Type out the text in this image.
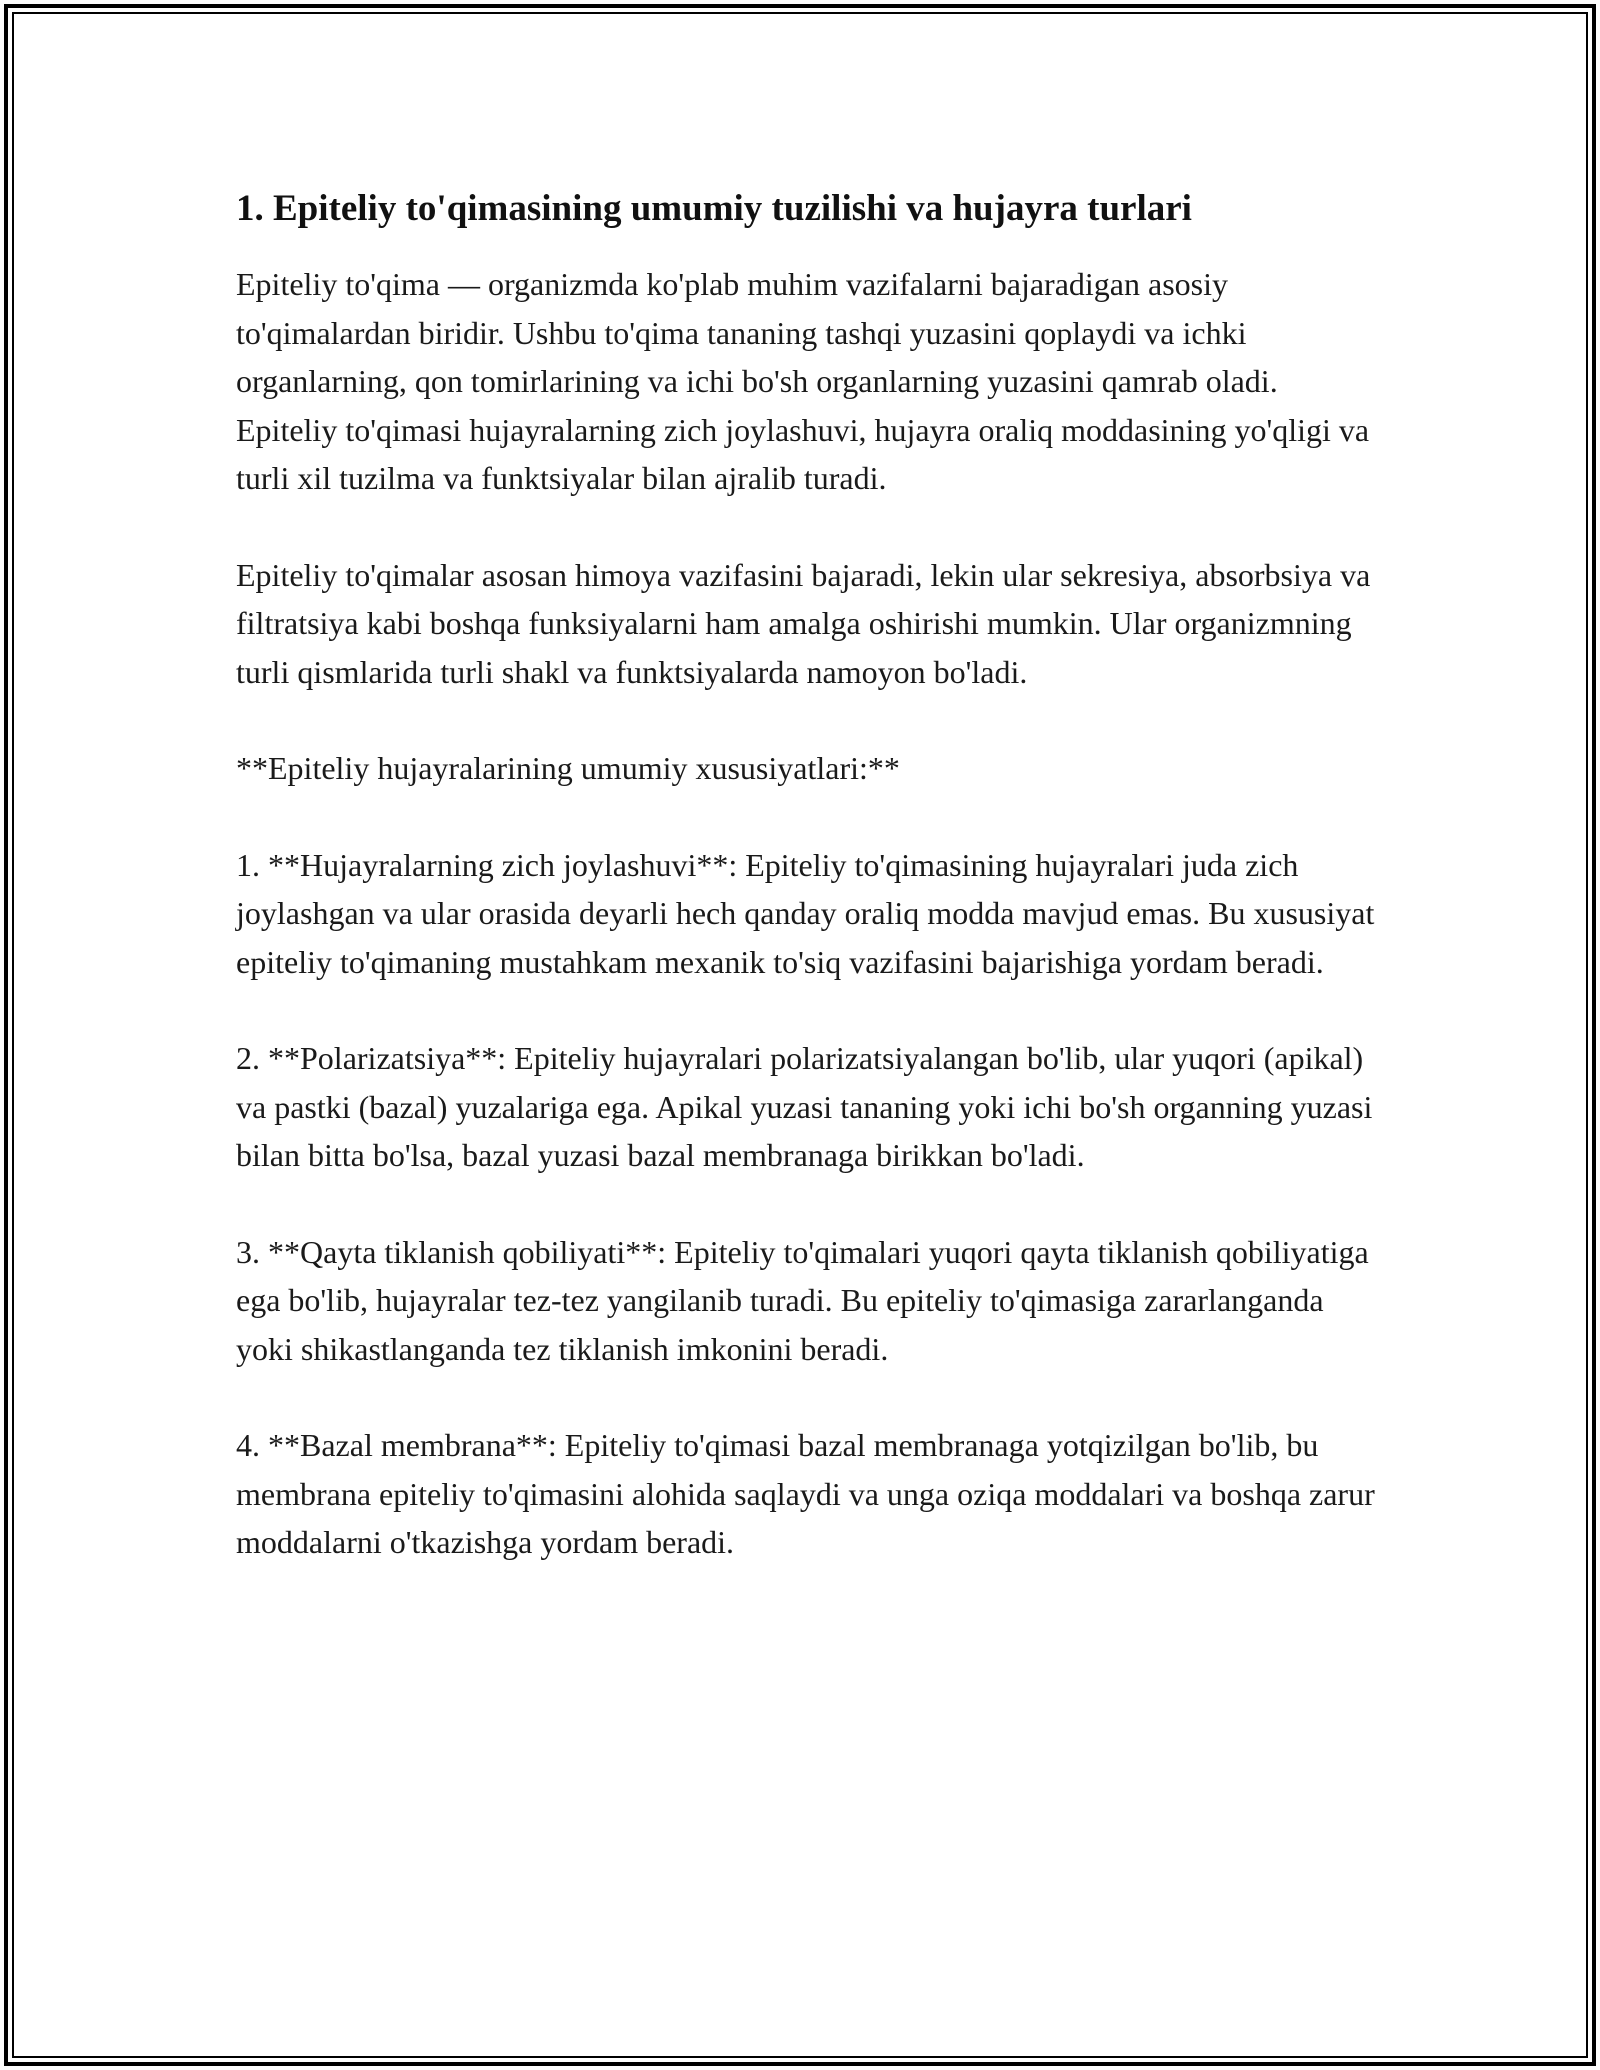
1. Epiteliy to'qimasining umumiy tuzilishi va hujayra turlari

Epiteliy to'qima — organizmda ko'plab muhim vazifalarni bajaradigan asosiy to'qimalardan biridir. Ushbu to'qima tananing tashqi yuzasini qoplaydi va ichki organlarning, qon tomirlarining va ichi bo'sh organlarning yuzasini qamrab oladi. Epiteliy to'qimasi hujayralarning zich joylashuvi, hujayra oraliq moddasining yo'qligi va turli xil tuzilma va funktsiyalar bilan ajralib turadi.

Epiteliy to'qimalar asosan himoya vazifasini bajaradi, lekin ular sekresiya, absorbsiya va filtratsiya kabi boshqa funksiyalarni ham amalga oshirishi mumkin. Ular organizmning turli qismlarida turli shakl va funktsiyalarda namoyon bo'ladi.

**Epiteliy hujayralarining umumiy xususiyatlari:**

1. **Hujayralarning zich joylashuvi**: Epiteliy to'qimasining hujayralari juda zich joylashgan va ular orasida deyarli hech qanday oraliq modda mavjud emas. Bu xususiyat epiteliy to'qimaning mustahkam mexanik to'siq vazifasini bajarishiga yordam beradi.

2. **Polarizatsiya**: Epiteliy hujayralari polarizatsiyalangan bo'lib, ular yuqori (apikal) va pastki (bazal) yuzalariga ega. Apikal yuzasi tananing yoki ichi bo'sh organning yuzasi bilan bitta bo'lsa, bazal yuzasi bazal membranaga birikkan bo'ladi.

3. **Qayta tiklanish qobiliyati**: Epiteliy to'qimalari yuqori qayta tiklanish qobiliyatiga ega bo'lib, hujayralar tez-tez yangilanib turadi. Bu epiteliy to'qimasiga zararlanganda yoki shikastlanganda tez tiklanish imkonini beradi.

4. **Bazal membrana**: Epiteliy to'qimasi bazal membranaga yotqizilgan bo'lib, bu membrana epiteliy to'qimasini alohida saqlaydi va unga oziqa moddalari va boshqa zarur moddalarni o'tkazishga yordam beradi.
